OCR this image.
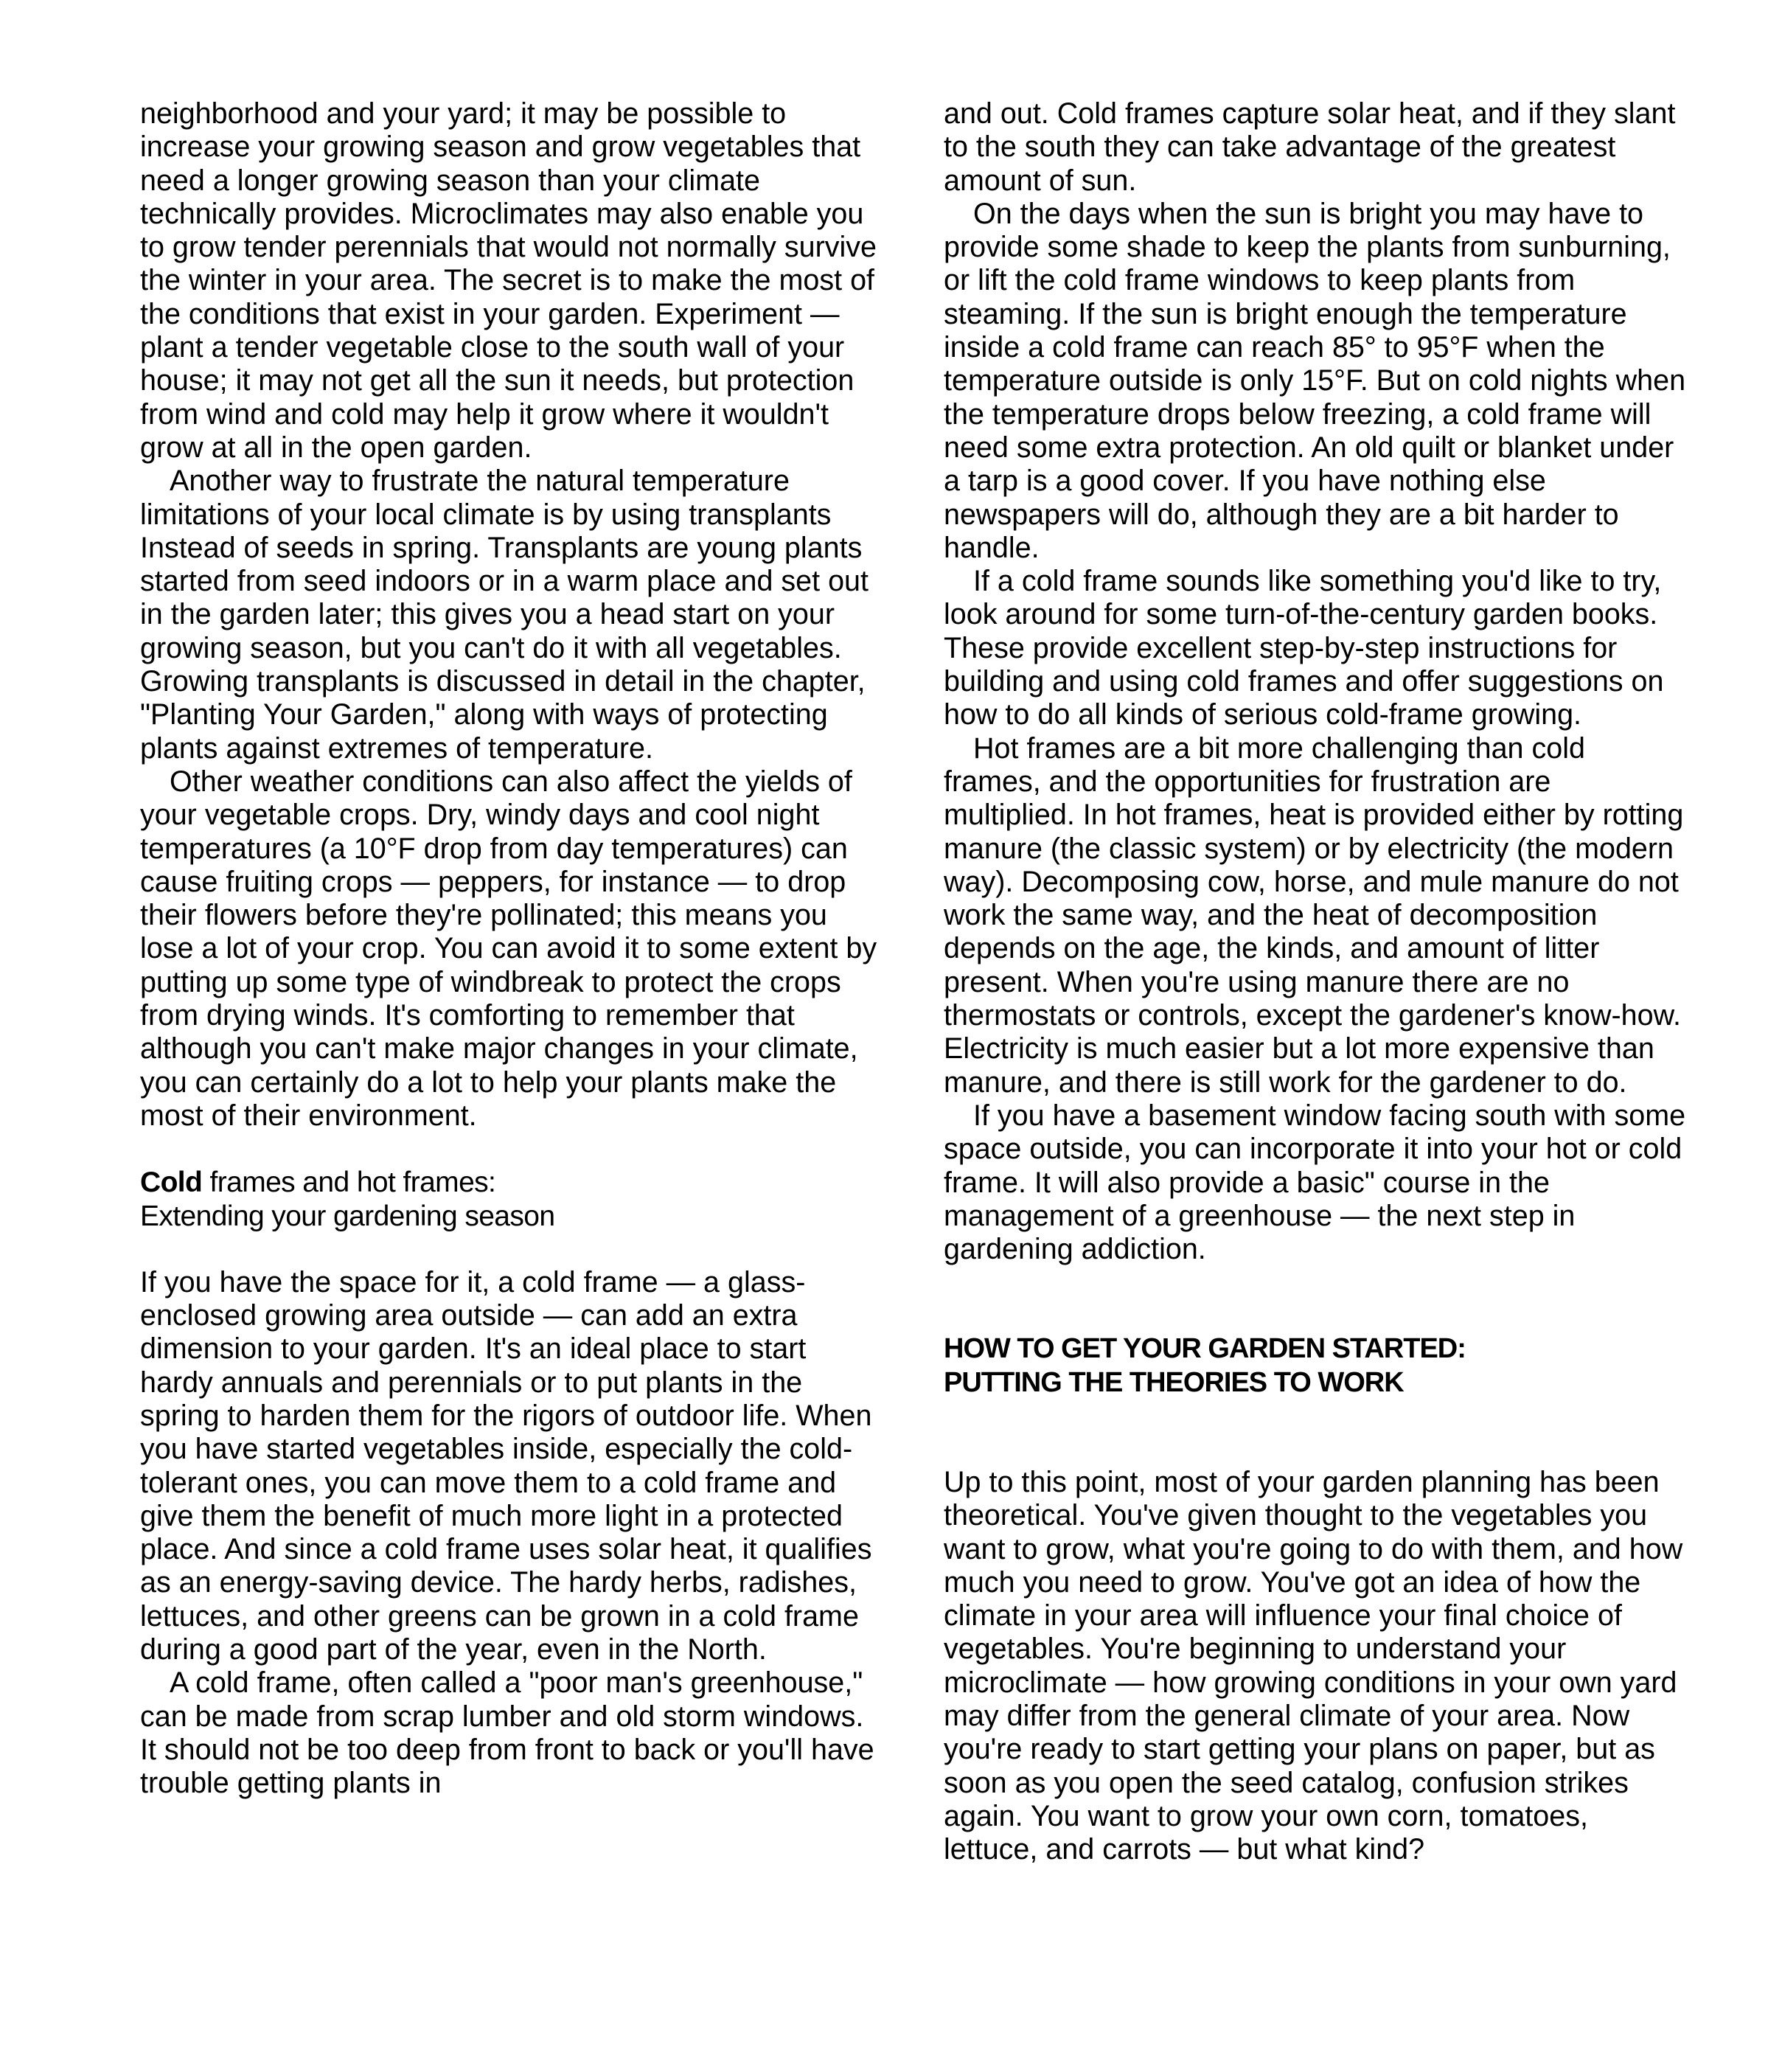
neighborhood and your yard; it may be possible to increase your growing season and grow vegetables that need a longer growing season than your climate technically provides. Microclimates may also enable you to grow tender perennials that would not normally survive the winter in your area. The secret is to make the most of the conditions that exist in your garden. Experiment — plant a tender vegetable close to the south wall of your house; it may not get all the sun it needs, but protection from wind and cold may help it grow where it wouldn't grow at all in the open garden.

Another way to frustrate the natural temperature limitations of your local climate is by using transplants Instead of seeds in spring. Transplants are young plants started from seed indoors or in a warm place and set out in the garden later; this gives you a head start on your growing season, but you can't do it with all vegetables. Growing transplants is discussed in detail in the chapter, "Planting Your Garden," along with ways of protecting plants against extremes of temperature.

Other weather conditions can also affect the yields of your vegetable crops. Dry, windy days and cool night temperatures (a 10°F drop from day temperatures) can cause fruiting crops — peppers, for instance — to drop their flowers before they're pollinated; this means you lose a lot of your crop. You can avoid it to some extent by putting up some type of windbreak to protect the crops from drying winds. It's comforting to remember that although you can't make major changes in your climate, you can certainly do a lot to help your plants make the most of their environment.

Cold frames and hot frames:
Extending your gardening season

If you have the space for it, a cold frame — a glass-enclosed growing area outside — can add an extra dimension to your garden. It's an ideal place to start hardy annuals and perennials or to put plants in the spring to harden them for the rigors of outdoor life. When you have started vegetables inside, especially the cold-tolerant ones, you can move them to a cold frame and give them the benefit of much more light in a protected place. And since a cold frame uses solar heat, it qualifies as an energy-saving device. The hardy herbs, radishes, lettuces, and other greens can be grown in a cold frame during a good part of the year, even in the North.

A cold frame, often called a "poor man's greenhouse," can be made from scrap lumber and old storm windows. It should not be too deep from front to back or you'll have trouble getting plants in

and out. Cold frames capture solar heat, and if they slant to the south they can take advantage of the greatest amount of sun.

On the days when the sun is bright you may have to provide some shade to keep the plants from sunburning, or lift the cold frame windows to keep plants from steaming. If the sun is bright enough the temperature inside a cold frame can reach 85° to 95°F when the temperature outside is only 15°F. But on cold nights when the temperature drops below freezing, a cold frame will need some extra protection. An old quilt or blanket under a tarp is a good cover. If you have nothing else newspapers will do, although they are a bit harder to handle.

If a cold frame sounds like something you'd like to try, look around for some turn-of-the-century garden books. These provide excellent step-by-step instructions for building and using cold frames and offer suggestions on how to do all kinds of serious cold-frame growing.

Hot frames are a bit more challenging than cold frames, and the opportunities for frustration are multiplied. In hot frames, heat is provided either by rotting manure (the classic system) or by electricity (the modern way). Decomposing cow, horse, and mule manure do not work the same way, and the heat of decomposition depends on the age, the kinds, and amount of litter present. When you're using manure there are no thermostats or controls, except the gardener's know-how. Electricity is much easier but a lot more expensive than manure, and there is still work for the gardener to do.

If you have a basement window facing south with some space outside, you can incorporate it into your hot or cold frame. It will also provide a basic" course in the management of a greenhouse — the next step in gardening addiction.

HOW TO GET YOUR GARDEN STARTED:
PUTTING THE THEORIES TO WORK

Up to this point, most of your garden planning has been theoretical. You've given thought to the vegetables you want to grow, what you're going to do with them, and how much you need to grow. You've got an idea of how the climate in your area will influence your final choice of vegetables. You're beginning to understand your microclimate — how growing conditions in your own yard may differ from the general climate of your area. Now you're ready to start getting your plans on paper, but as soon as you open the seed catalog, confusion strikes again. You want to grow your own corn, tomatoes, lettuce, and carrots — but what kind?
